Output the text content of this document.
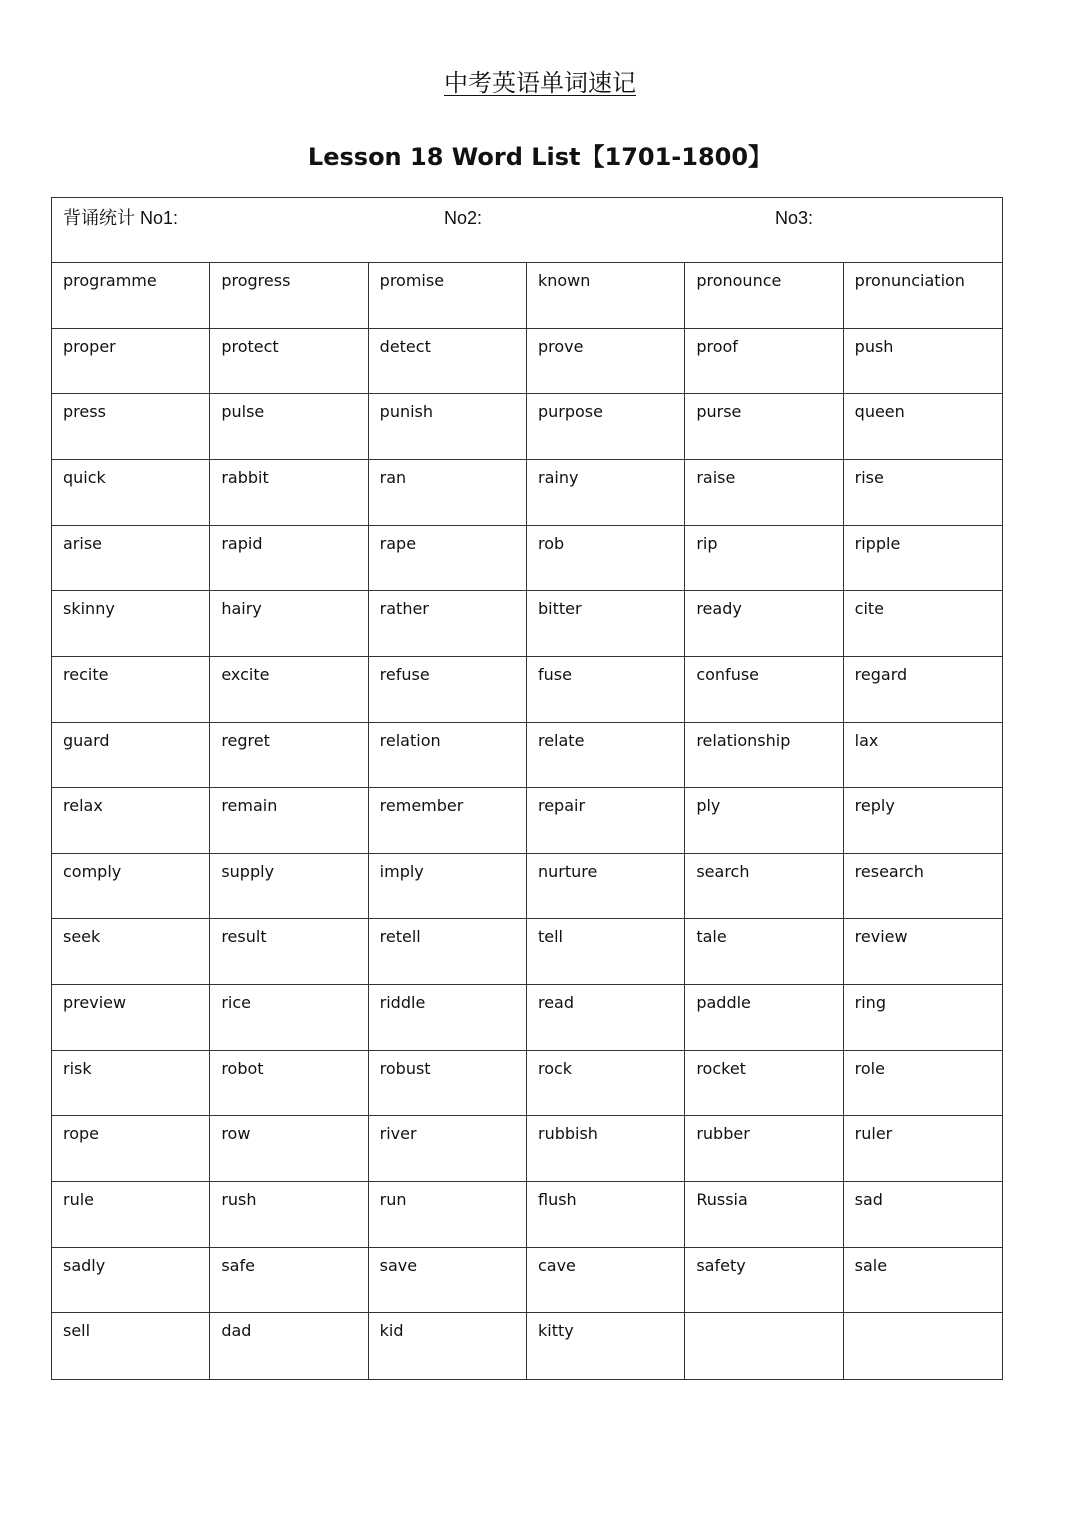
中考英语单词速记
Lesson 18 Word List【1701-1800】
背诵统计 No1:	No2:	No3:
programme	progress	promise	known	pronounce	pronunciation
proper	protect	detect	prove	proof	push
press	pulse	punish	purpose	purse	queen
quick	rabbit	ran	rainy	raise	rise
arise	rapid	rape	rob	rip	ripple
skinny	hairy	rather	bitter	ready	cite
recite	excite	refuse	fuse	confuse	regard
guard	regret	relation	relate	relationship	lax
relax	remain	remember	repair	ply	reply
comply	supply	imply	nurture	search	research
seek	result	retell	tell	tale	review
preview	rice	riddle	read	paddle	ring
risk	robot	robust	rock	rocket	role
rope	row	river	rubbish	rubber	ruler
rule	rush	run	flush	Russia	sad
sadly	safe	save	cave	safety	sale
sell	dad	kid	kitty
